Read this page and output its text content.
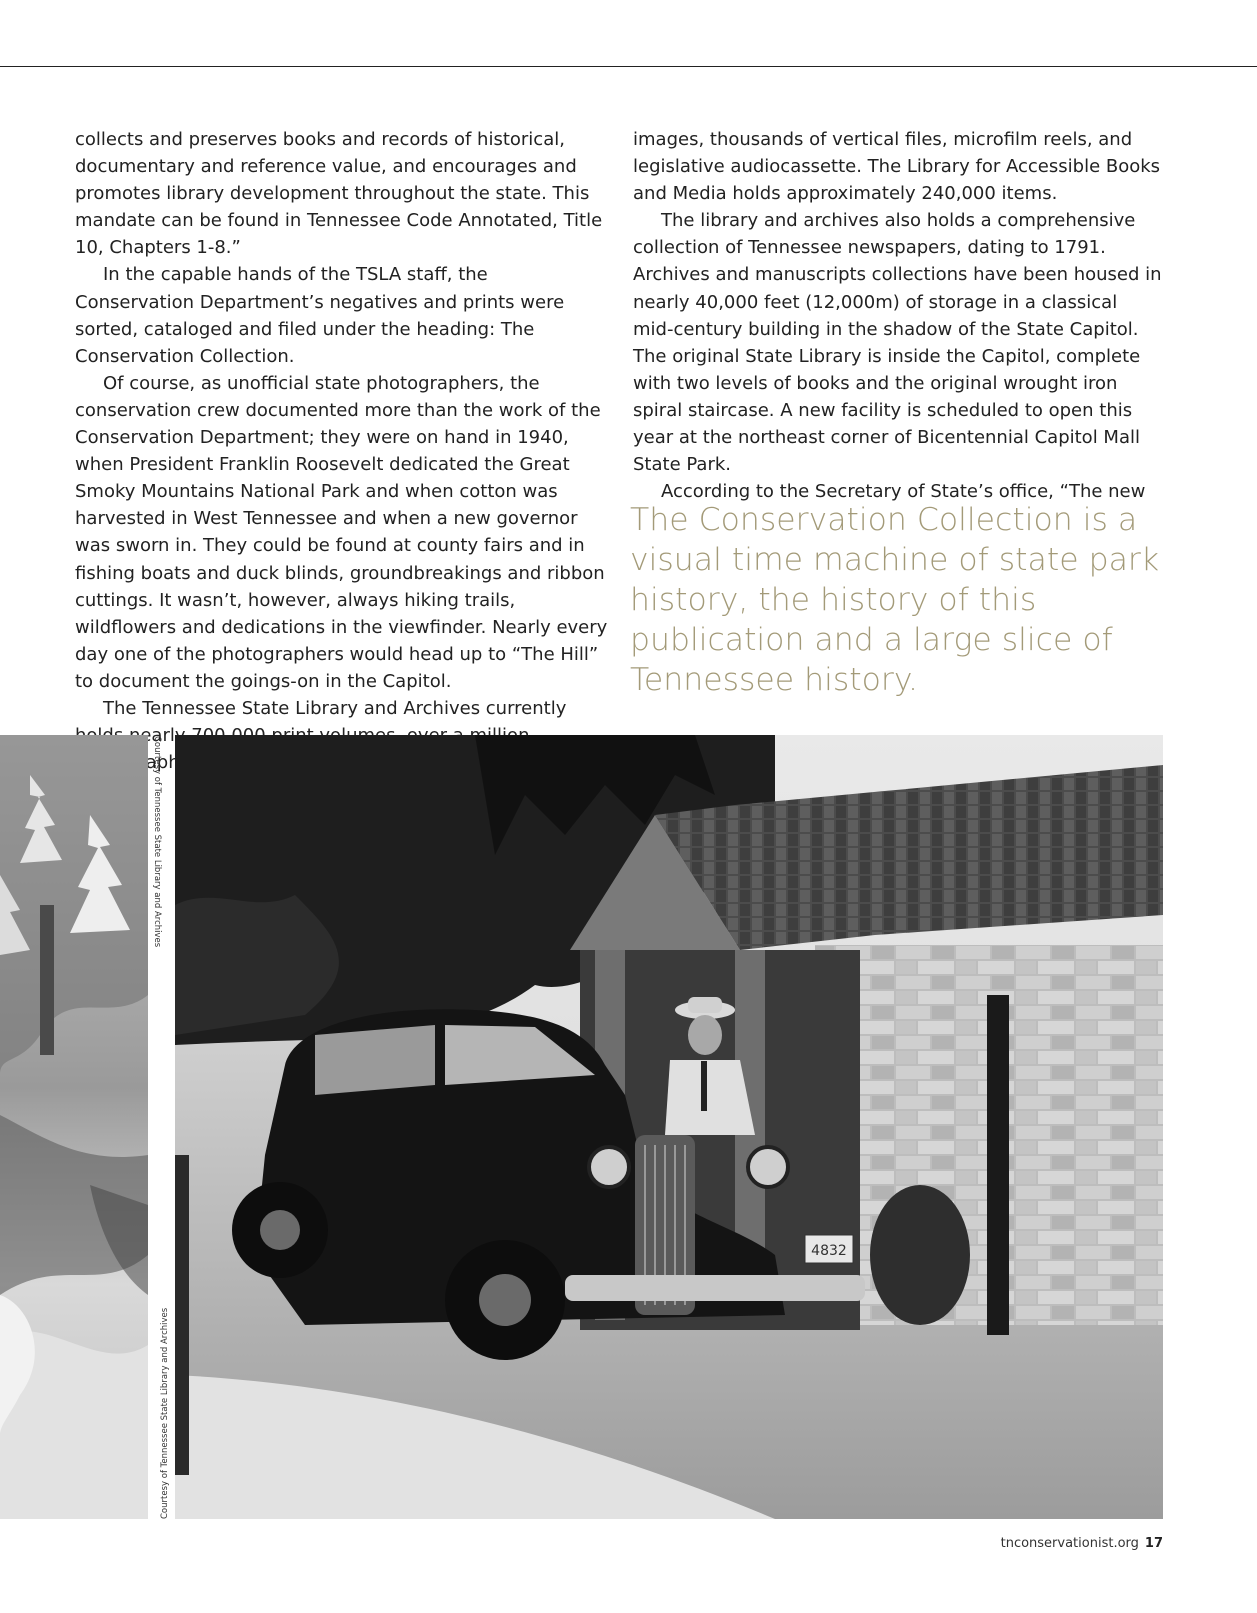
collects and preserves books and records of historical, documentary and reference value, and encourages and promotes library development throughout the state. This mandate can be found in Tennessee Code Annotated, Title 10, Chapters 1-8.”

In the capable hands of the TSLA staff, the Conservation Department’s negatives and prints were sorted, cataloged and filed under the heading: The Conservation Collection.

Of course, as unofficial state photographers, the conservation crew documented more than the work of the Conservation Department; they were on hand in 1940, when President Franklin Roosevelt dedicated the Great Smoky Mountains National Park and when cotton was harvested in West Tennessee and when a new governor was sworn in. They could be found at county fairs and in fishing boats and duck blinds, groundbreakings and ribbon cuttings. It wasn’t, however, always hiking trails, wildflowers and dedications in the viewfinder. Nearly every day one of the photographers would head up to “The Hill” to document the goings-on in the Capitol.

The Tennessee State Library and Archives currently nearly

images, thousands of vertical files, microfilm reels, and legislative audiocassette. The Library for Accessible Books and Media holds approximately 240,000 items.

The library and archives also holds a comprehensive collection of Tennessee newspapers, dating to 1791. Archives and manuscripts collections have been housed in nearly 40,000 feet (12,000m) of storage in a classical mid-century building in the shadow of the State Capitol. The original State Library is inside the Capitol, complete with two levels of books and the original wrought iron spiral staircase. A new facility is scheduled to open this year at the northeast corner of Bicentennial Capitol Mall State Park.

According to the Secretary of State’s office, “The new

The Conservation Collection is a visual time machine of state park history, the history of this publication and a large slice of Tennessee history.

Courtesy of Tennessee State Library and Archives
Courtesy of Tennessee State Library and Archives
4832
tnconservationist.org 17
